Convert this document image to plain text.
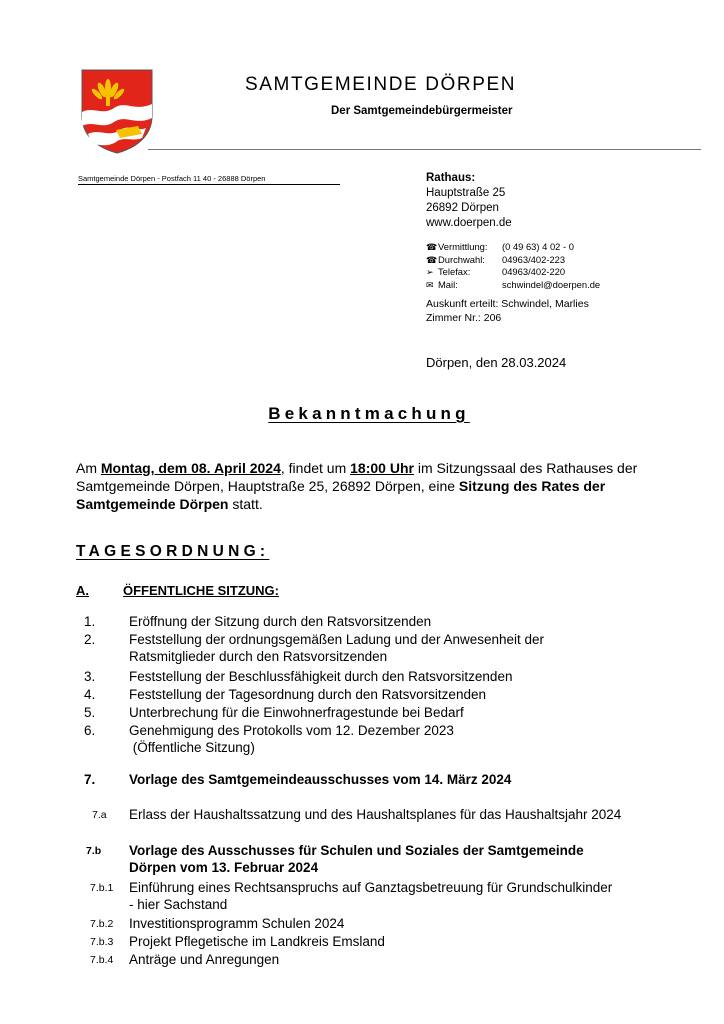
SAMTGEMEINDE DÖRPEN
Der Samtgemeindebürgermeister
Samtgemeinde Dörpen - Postfach 11 40 - 26888 Dörpen	Rathaus:
Hauptstraße 25
26892 Dörpen
www.doerpen.de
☎ Vermittlung:	(0 49 63) 4 02 - 0
☎ Durchwahl:	04963/402-223
➢ Telefax:	04963/402-220
✉ Mail:	schwindel@doerpen.de
Auskunft erteilt: Schwindel, Marlies
Zimmer Nr.: 206
Dörpen, den 28.03.2024
Bekanntmachung
Am Montag, dem 08. April 2024, findet um 18:00 Uhr im Sitzungssaal des Rathauses der Samtgemeinde Dörpen, Hauptstraße 25, 26892 Dörpen, eine Sitzung des Rates der Samtgemeinde Dörpen statt.
TAGESORDNUNG:
A.	ÖFFENTLICHE SITZUNG:
1. Eröffnung der Sitzung durch den Ratsvorsitzenden
2. Feststellung der ordnungsgemäßen Ladung und der Anwesenheit der
Ratsmitglieder durch den Ratsvorsitzenden
3. Feststellung der Beschlussfähigkeit durch den Ratsvorsitzenden
4. Feststellung der Tagesordnung durch den Ratsvorsitzenden
5. Unterbrechung für die Einwohnerfragestunde bei Bedarf
6. Genehmigung des Protokolls vom 12. Dezember 2023
(Öffentliche Sitzung)
7. Vorlage des Samtgemeindeausschusses vom 14. März 2024
7.a Erlass der Haushaltssatzung und des Haushaltsplanes für das Haushaltsjahr 2024
7.b Vorlage des Ausschusses für Schulen und Soziales der Samtgemeinde
Dörpen vom 13. Februar 2024
7.b.1 Einführung eines Rechtsanspruchs auf Ganztagsbetreuung für Grundschulkinder
- hier Sachstand
7.b.2 Investitionsprogramm Schulen 2024
7.b.3 Projekt Pflegetische im Landkreis Emsland
7.b.4 Anträge und Anregungen
